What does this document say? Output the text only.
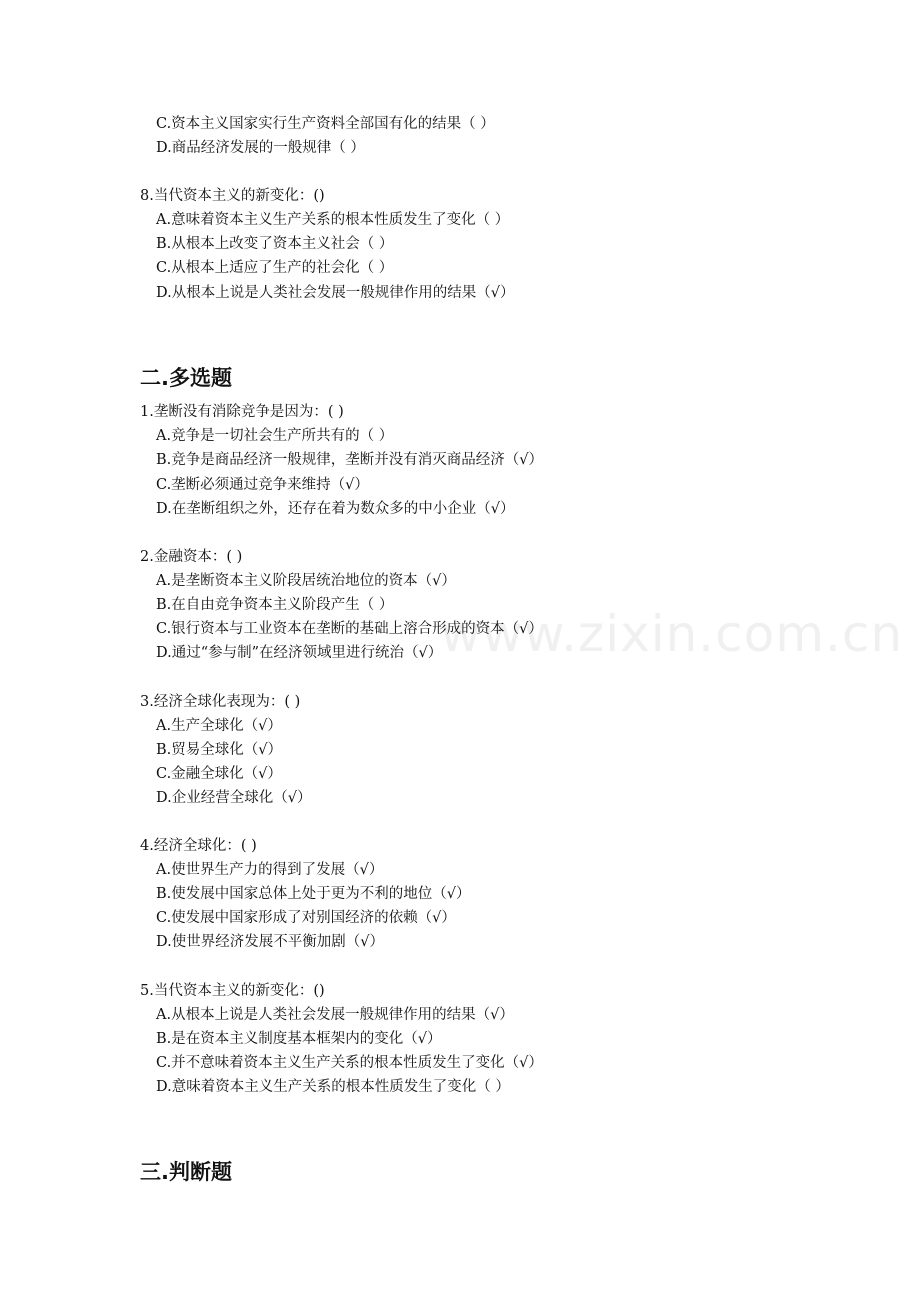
www.zixin.com.cn

C.资本主义国家实行生产资料全部国有化的结果（ ）

D.商品经济发展的一般规律（ ）

8.当代资本主义的新变化：()

A.意味着资本主义生产关系的根本性质发生了变化（ ）

B.从根本上改变了资本主义社会（ ）

C.从根本上适应了生产的社会化（ ）

D.从根本上说是人类社会发展一般规律作用的结果（√）

二.多选题

1.垄断没有消除竞争是因为：( )

A.竞争是一切社会生产所共有的（ ）

B.竞争是商品经济一般规律，垄断并没有消灭商品经济（√）

C.垄断必须通过竞争来维持（√）

D.在垄断组织之外，还存在着为数众多的中小企业（√）

2.金融资本：( )

A.是垄断资本主义阶段居统治地位的资本（√）

B.在自由竞争资本主义阶段产生（ ）

C.银行资本与工业资本在垄断的基础上溶合形成的资本（√）

D.通过“参与制”在经济领域里进行统治（√）

3.经济全球化表现为：( )

A.生产全球化（√）

B.贸易全球化（√）

C.金融全球化（√）

D.企业经营全球化（√）

4.经济全球化：( )

A.使世界生产力的得到了发展（√）

B.使发展中国家总体上处于更为不利的地位（√）

C.使发展中国家形成了对别国经济的依赖（√）

D.使世界经济发展不平衡加剧（√）

5.当代资本主义的新变化：()

A.从根本上说是人类社会发展一般规律作用的结果（√）

B.是在资本主义制度基本框架内的变化（√）

C.并不意味着资本主义生产关系的根本性质发生了变化（√）

D.意味着资本主义生产关系的根本性质发生了变化（ ）

三.判断题
